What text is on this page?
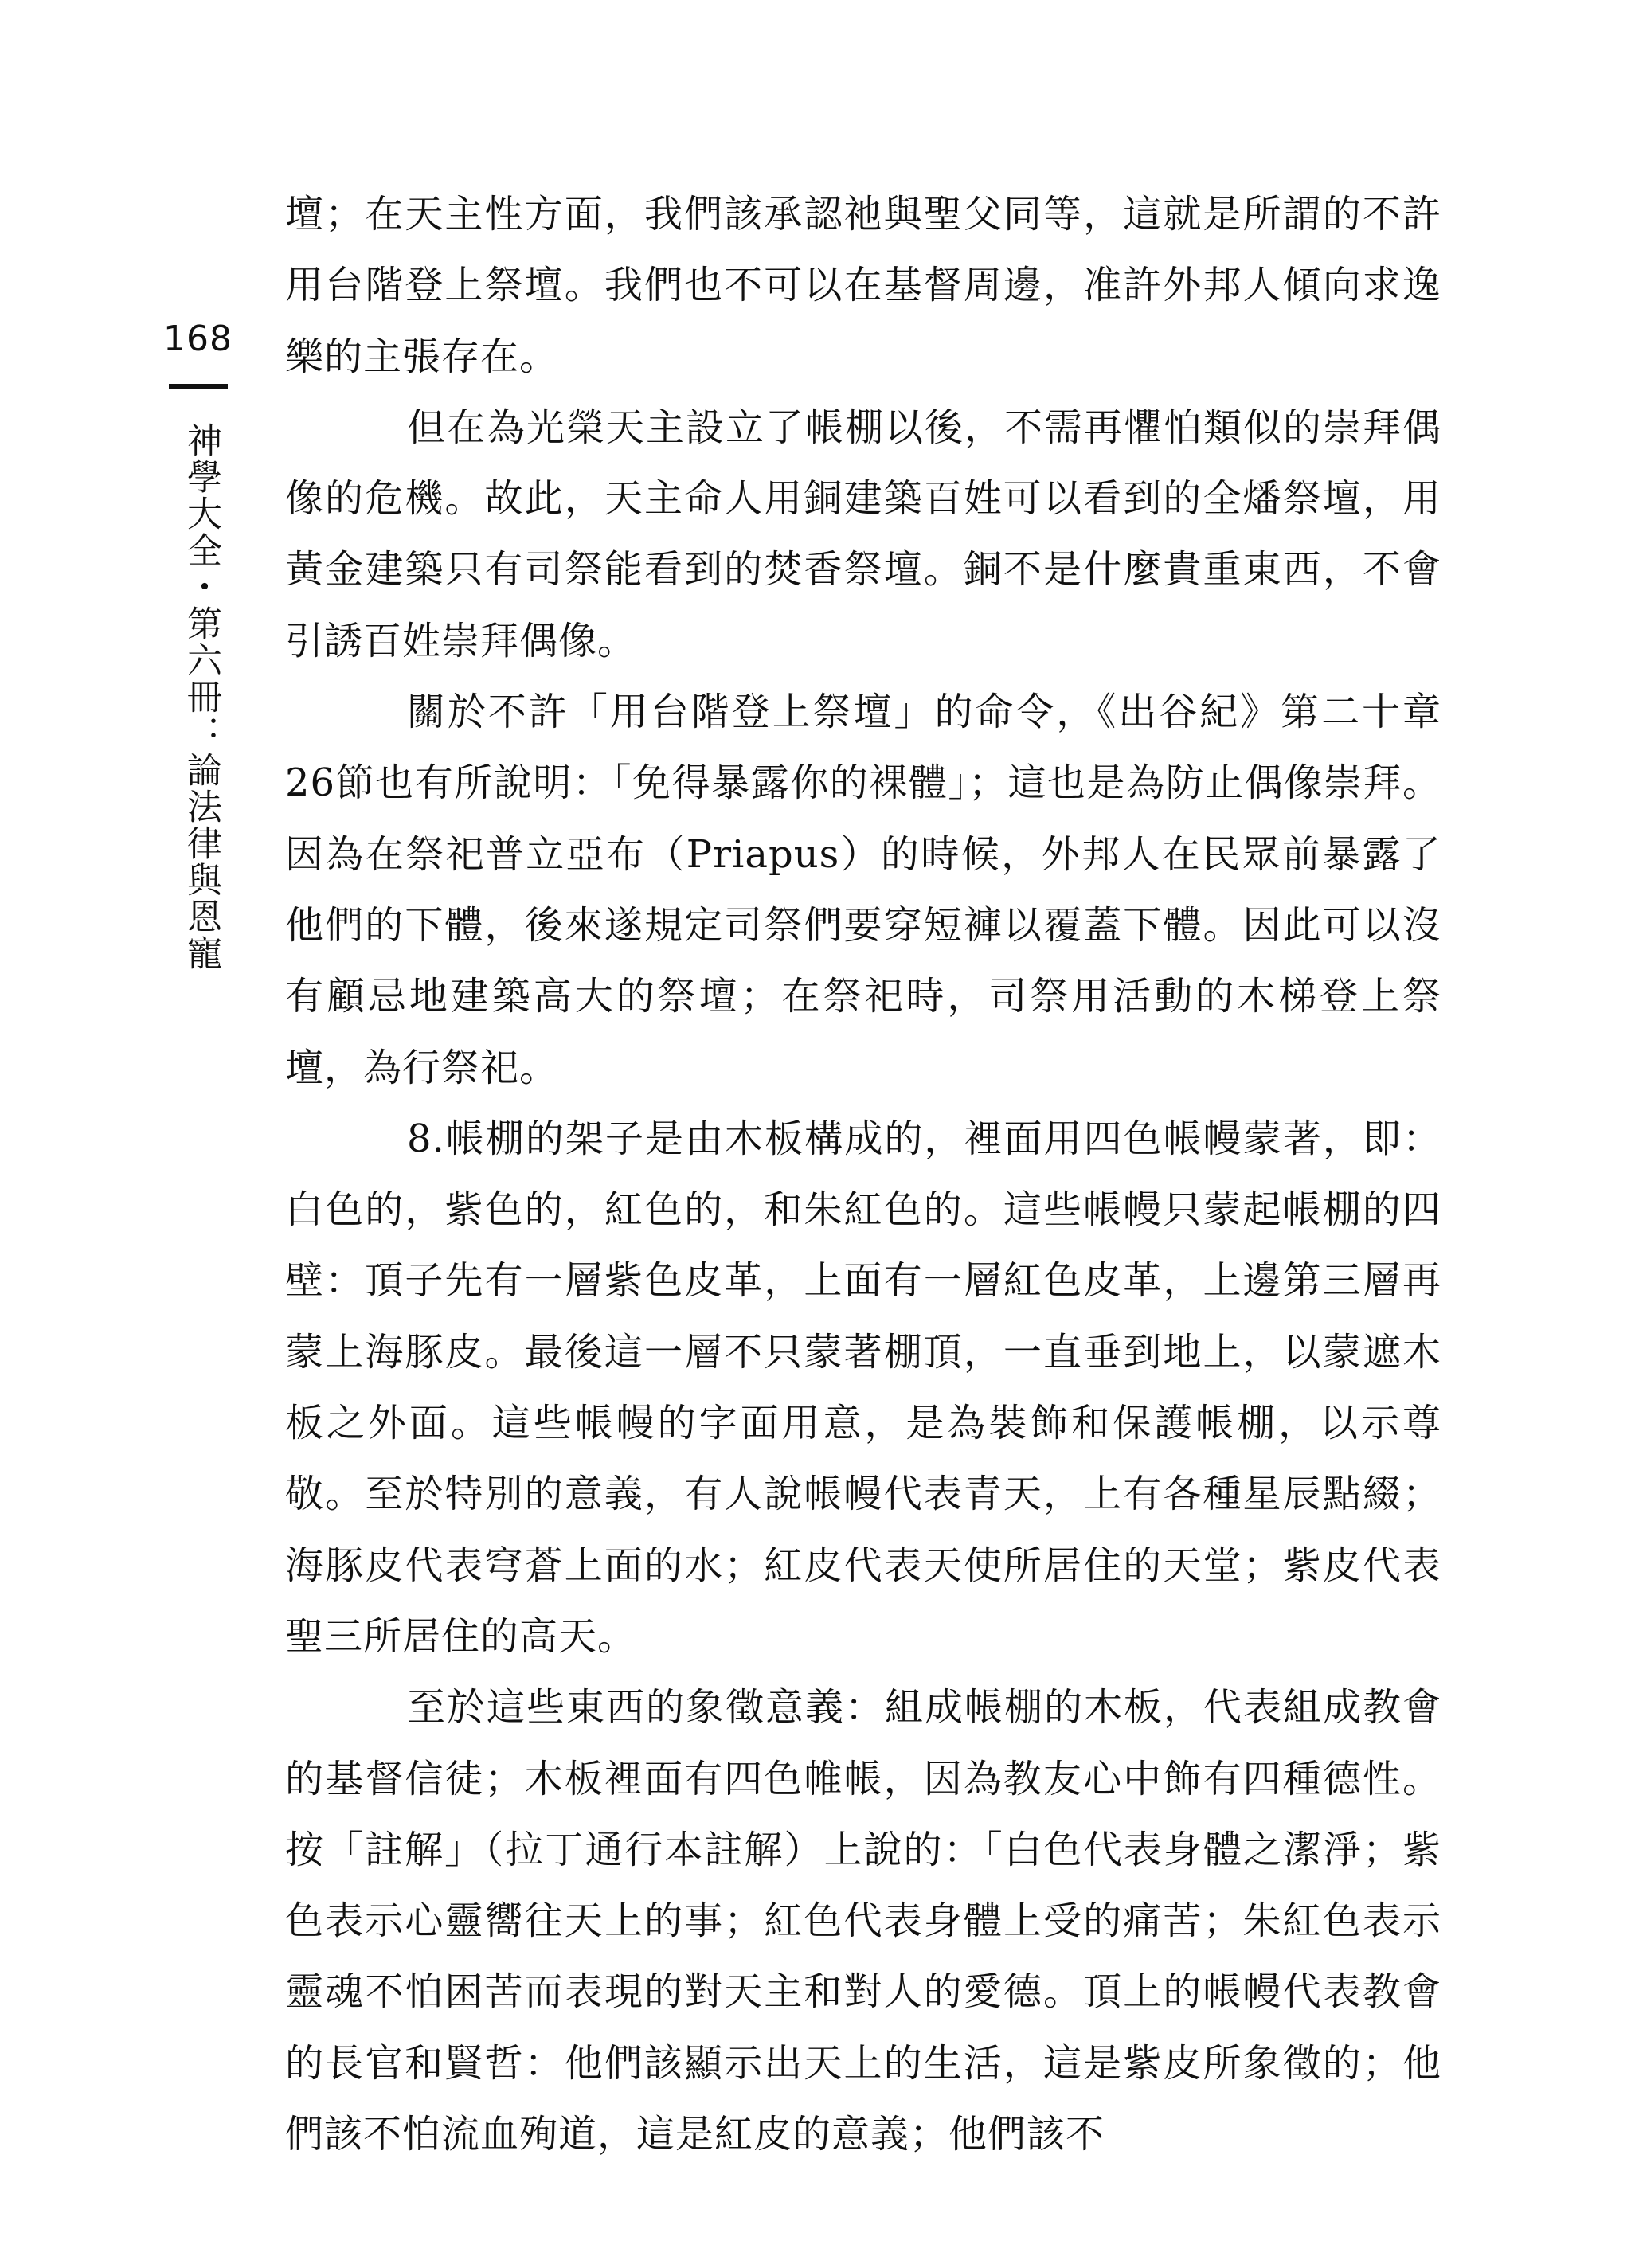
168
神學大全・第六冊：論法律與恩寵

壇；在天主性方面，我們該承認祂與聖父同等，這就是所謂的不許用台階登上祭壇。我們也不可以在基督周邊，准許外邦人傾向求逸樂的主張存在。

但在為光榮天主設立了帳棚以後，不需再懼怕類似的崇拜偶像的危機。故此，天主命人用銅建築百姓可以看到的全燔祭壇，用黃金建築只有司祭能看到的焚香祭壇。銅不是什麼貴重東西，不會引誘百姓崇拜偶像。

關於不許「用台階登上祭壇」的命令，《出谷紀》第二十章26節也有所說明：「免得暴露你的裸體」；這也是為防止偶像崇拜。因為在祭祀普立亞布（Priapus）的時候，外邦人在民眾前暴露了他們的下體，後來遂規定司祭們要穿短褲以覆蓋下體。因此可以沒有顧忌地建築高大的祭壇；在祭祀時，司祭用活動的木梯登上祭壇，為行祭祀。

8.帳棚的架子是由木板構成的，裡面用四色帳幔蒙著，即：白色的，紫色的，紅色的，和朱紅色的。這些帳幔只蒙起帳棚的四壁：頂子先有一層紫色皮革，上面有一層紅色皮革，上邊第三層再蒙上海豚皮。最後這一層不只蒙著棚頂，一直垂到地上，以蒙遮木板之外面。這些帳幔的字面用意，是為裝飾和保護帳棚，以示尊敬。至於特別的意義，有人說帳幔代表青天，上有各種星辰點綴；海豚皮代表穹蒼上面的水；紅皮代表天使所居住的天堂；紫皮代表聖三所居住的高天。

至於這些東西的象徵意義：組成帳棚的木板，代表組成教會的基督信徒；木板裡面有四色帷帳，因為教友心中飾有四種德性。按「註解」（拉丁通行本註解）上說的：「白色代表身體之潔淨；紫色表示心靈嚮往天上的事；紅色代表身體上受的痛苦；朱紅色表示靈魂不怕困苦而表現的對天主和對人的愛德。頂上的帳幔代表教會的長官和賢哲：他們該顯示出天上的生活，這是紫皮所象徵的；他們該不怕流血殉道，這是紅皮的意義；他們該不
